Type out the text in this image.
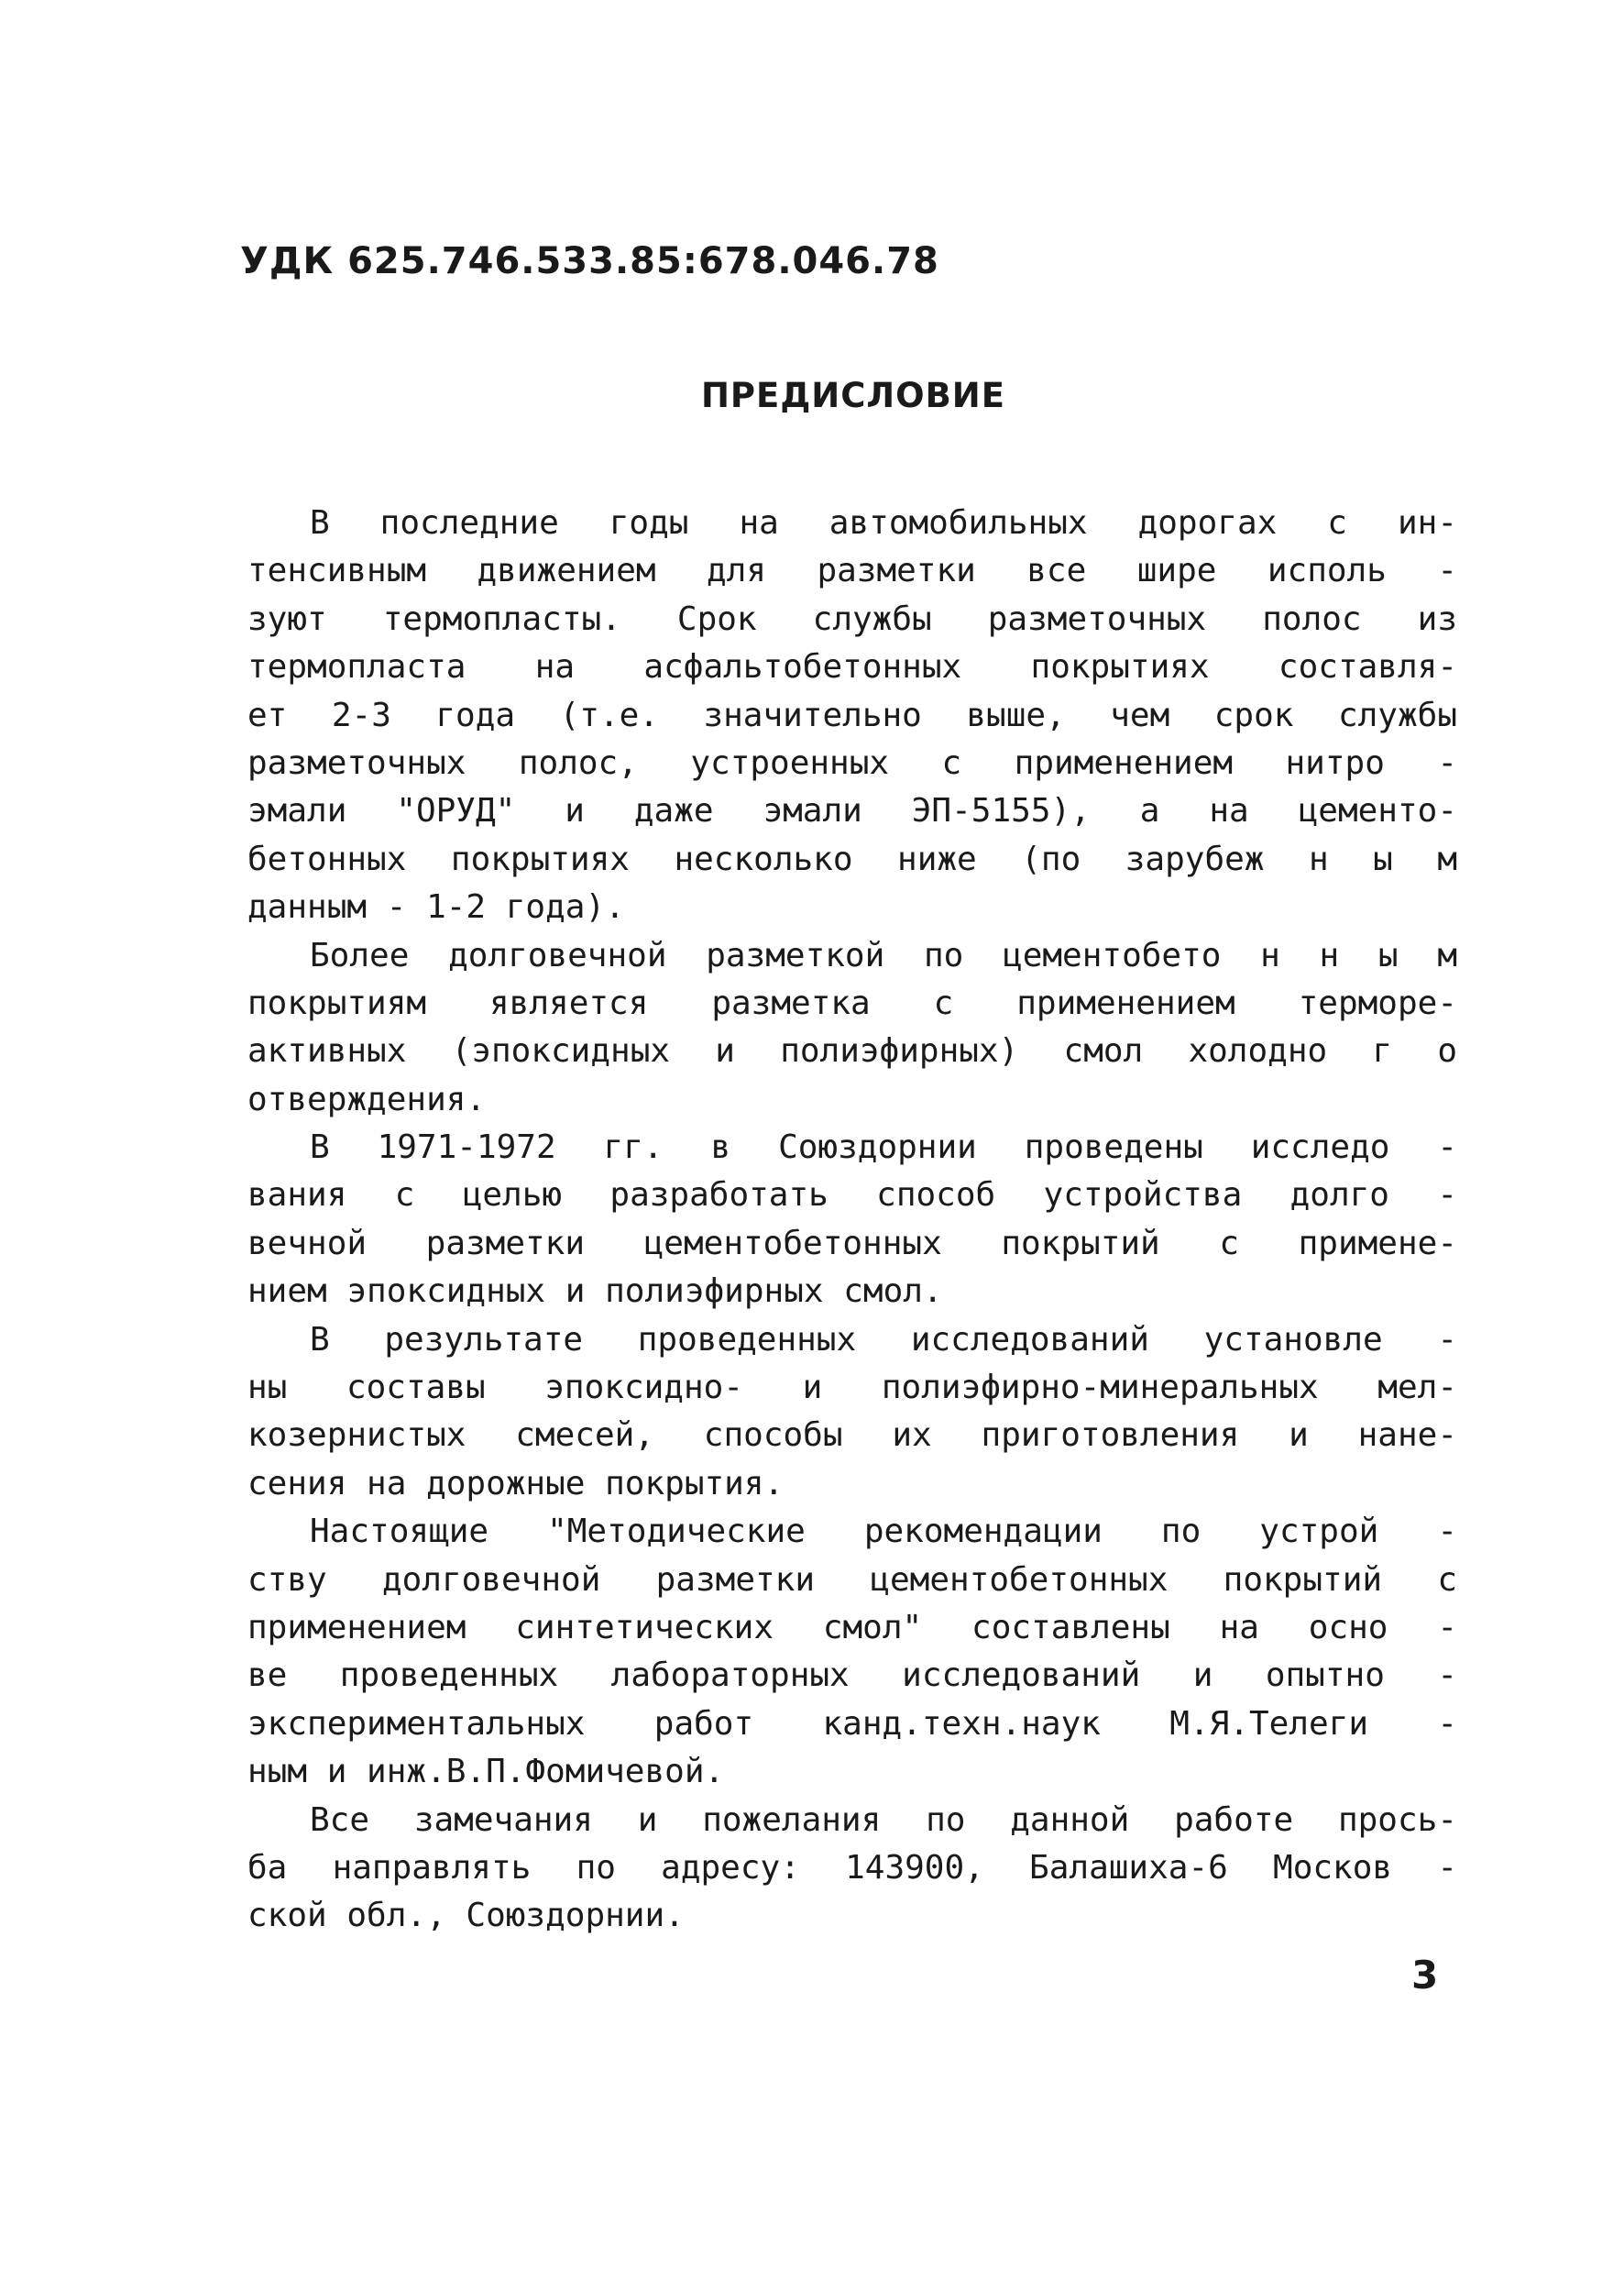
УДК 625.746.533.85:678.046.78
ПРЕДИСЛОВИЕ
В последние годы на автомобильных дорогах с ин-
тенсивным движением для разметки все шире исполь -
зуют термопласты. Срок службы разметочных полос из
термопласта на асфальтобетонных покрытиях составля-
ет 2-3 года (т.е. значительно выше, чем срок службы
разметочных полос, устроенных с применением нитро -
эмали "ОРУД" и даже эмали ЭП-5155), а на цементо-
бетонных покрытиях несколько ниже (по зарубеж н ы м
данным - 1-2 года).
Более долговечной разметкой по цементобето н н ы м
покрытиям является разметка с применением терморе-
активных (эпоксидных и полиэфирных) смол холодно г о
отверждения.
В 1971-1972 гг. в Союздорнии проведены исследо -
вания с целью разработать способ устройства долго -
вечной разметки цементобетонных покрытий с примене-
нием эпоксидных и полиэфирных смол.
В результате проведенных исследований установле -
ны составы эпоксидно- и полиэфирно-минеральных мел-
козернистых смесей, способы их приготовления и нане-
сения на дорожные покрытия.
Настоящие "Методические рекомендации по устрой -
ству долговечной разметки цементобетонных покрытий с
применением синтетических смол" составлены на осно -
ве проведенных лабораторных исследований и опытно -
экспериментальных работ канд.техн.наук М.Я.Телеги -
ным и инж.В.П.Фомичевой.
Все замечания и пожелания по данной работе прось-
ба направлять по адресу: 143900, Балашиха-6 Москов -
ской обл., Союздорнии.
3
